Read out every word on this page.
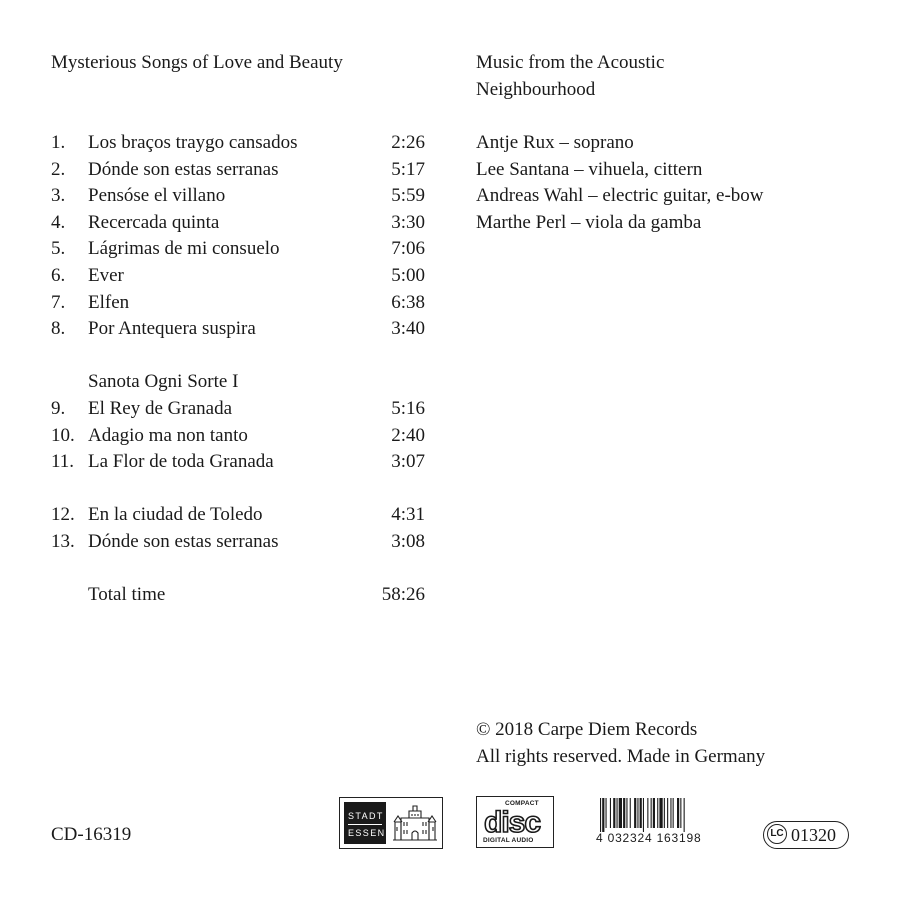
Mysterious Songs of Love and Beauty	Music from the Acoustic
Neighbourhood
1. Los braços traygo cansados	2:26
2. Dónde son estas serranas	5:17
3. Pensóse el villano	5:59
4. Recercada quinta	3:30
5. Lágrimas de mi consuelo	7:06
6. Ever	5:00
7. Elfen	6:38
8. Por Antequera suspira	3:40
Sanota Ogni Sorte I
9. El Rey de Granada	5:16
10. Adagio ma non tanto	2:40
11. La Flor de toda Granada	3:07
12. En la ciudad de Toledo	4:31
13. Dónde son estas serranas	3:08
Total time	58:26
Antje Rux – soprano
Lee Santana – vihuela, cittern
Andreas Wahl – electric guitar, e-bow
Marthe Perl – viola da gamba
© 2018 Carpe Diem Records
All rights reserved. Made in Germany
CD-16319
STADT
ESSEN
COMPACT
disc
DIGITAL AUDIO	4 032324 163198	LC 01320
